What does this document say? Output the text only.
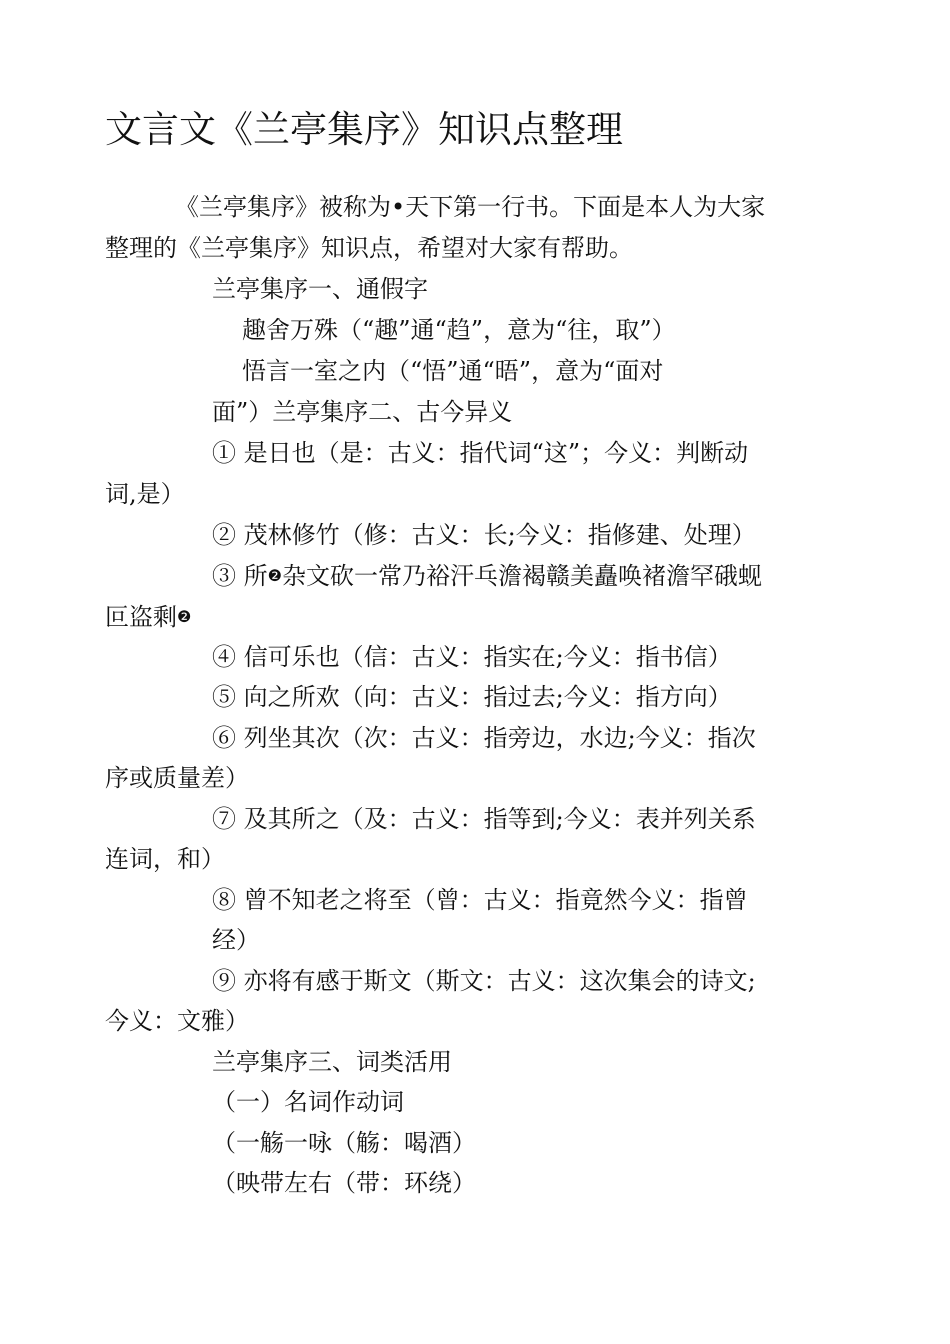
文言文《兰亭集序》知识点整理
《兰亭集序》被称为•天下第一行书。下面是本人为大家
整理的《兰亭集序》知识点，希望对大家有帮助。
兰亭集序一、通假字
趣舍万殊（“趣”通“趋”，意为“往，取”）
悟言一室之内（“悟”通“晤”，意为“面对
面”）兰亭集序二、古今异义
① 是日也（是：古义：指代词“这”；今义：判断动
词,是）
② 茂林修竹（修：古义：长;今义：指修建、处理）
③ 所❷杂文砍一常乃裕汗乓澹褐赣美矗唤褚澹罕硪蚬
叵盗剩❷
④ 信可乐也（信：古义：指实在;今义：指书信）
⑤ 向之所欢（向：古义：指过去;今义：指方向）
⑥ 列坐其次（次：古义：指旁边，水边;今义：指次
序或质量差）
⑦ 及其所之（及：古义：指等到;今义：表并列关系
连词，和）
⑧ 曾不知老之将至（曾：古义：指竟然今义：指曾
经）
⑨ 亦将有感于斯文（斯文：古义：这次集会的诗文;
今义：文雅）
兰亭集序三、词类活用
（一）名词作动词
（一觞一咏（觞：喝酒）
（映带左右（带：环绕）
